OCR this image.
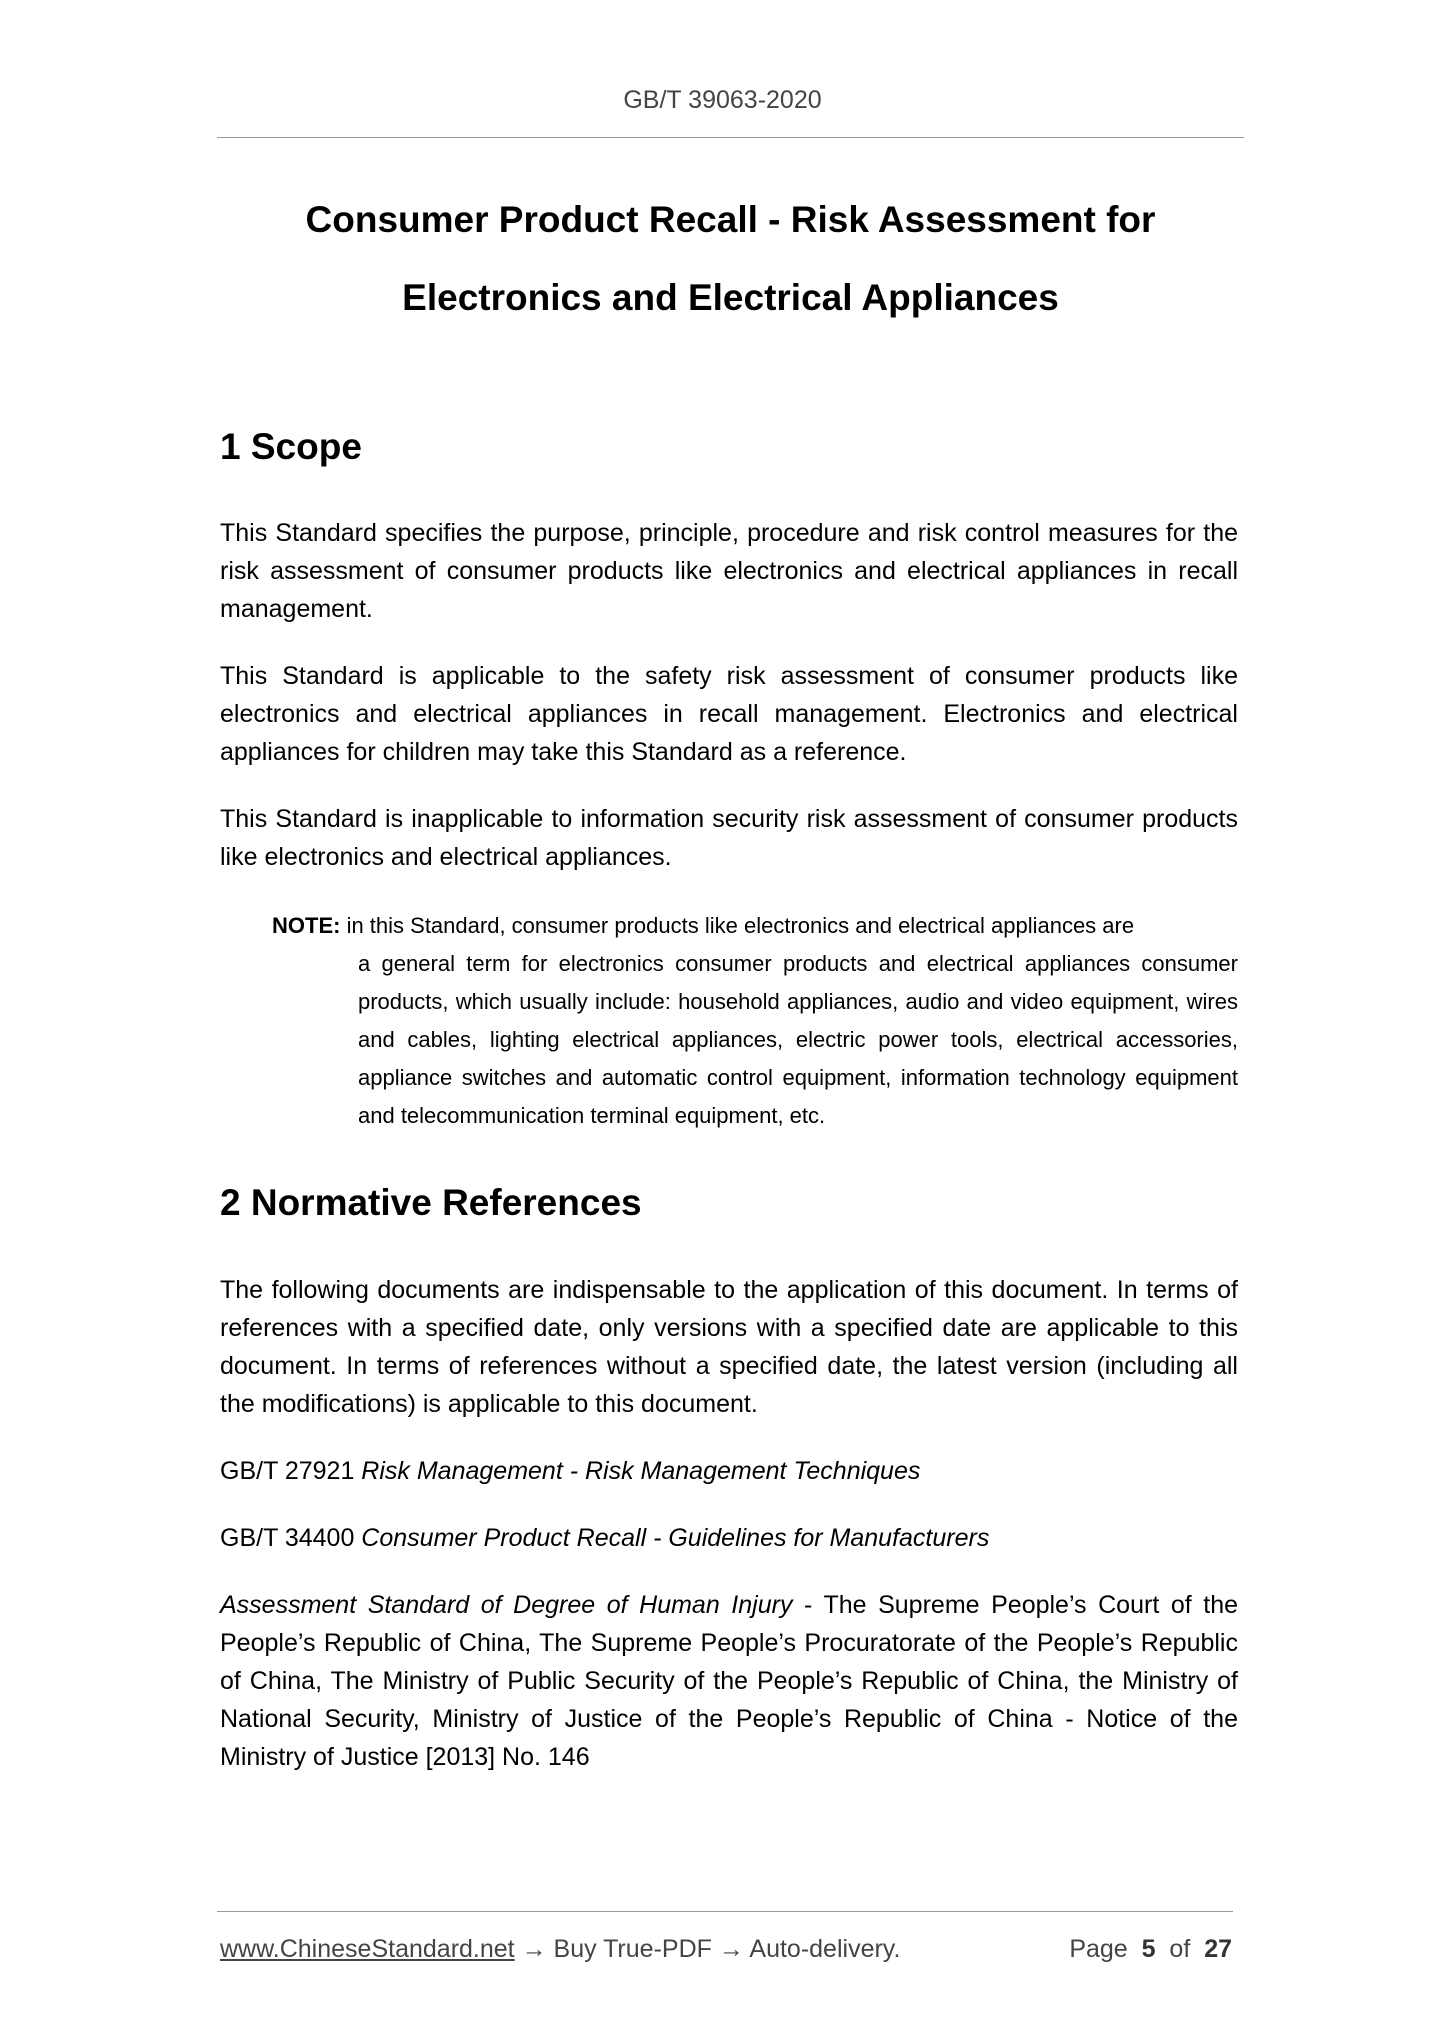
GB/T 39063-2020
Consumer Product Recall - Risk Assessment for
Electronics and Electrical Appliances
1 Scope
This Standard specifies the purpose, principle, procedure and risk control measures for the risk assessment of consumer products like electronics and electrical appliances in recall management.
This Standard is applicable to the safety risk assessment of consumer products like electronics and electrical appliances in recall management. Electronics and electrical appliances for children may take this Standard as a reference.
This Standard is inapplicable to information security risk assessment of consumer products like electronics and electrical appliances.
NOTE: in this Standard, consumer products like electronics and electrical appliances are
a general term for electronics consumer products and electrical appliances consumer products, which usually include: household appliances, audio and video equipment, wires and cables, lighting electrical appliances, electric power tools, electrical accessories, appliance switches and automatic control equipment, information technology equipment and telecommunication terminal equipment, etc.
2 Normative References
The following documents are indispensable to the application of this document. In terms of references with a specified date, only versions with a specified date are applicable to this document. In terms of references without a specified date, the latest version (including all the modifications) is applicable to this document.
GB/T 27921 Risk Management - Risk Management Techniques
GB/T 34400 Consumer Product Recall - Guidelines for Manufacturers
Assessment Standard of Degree of Human Injury - The Supreme People’s Court of the People’s Republic of China, The Supreme People’s Procuratorate of the People’s Republic of China, The Ministry of Public Security of the People’s Republic of China, the Ministry of National Security, Ministry of Justice of the People’s Republic of China - Notice of the Ministry of Justice [2013] No. 146
www.ChineseStandard.net → Buy True-PDF → Auto-delivery.	Page 5 of 27
